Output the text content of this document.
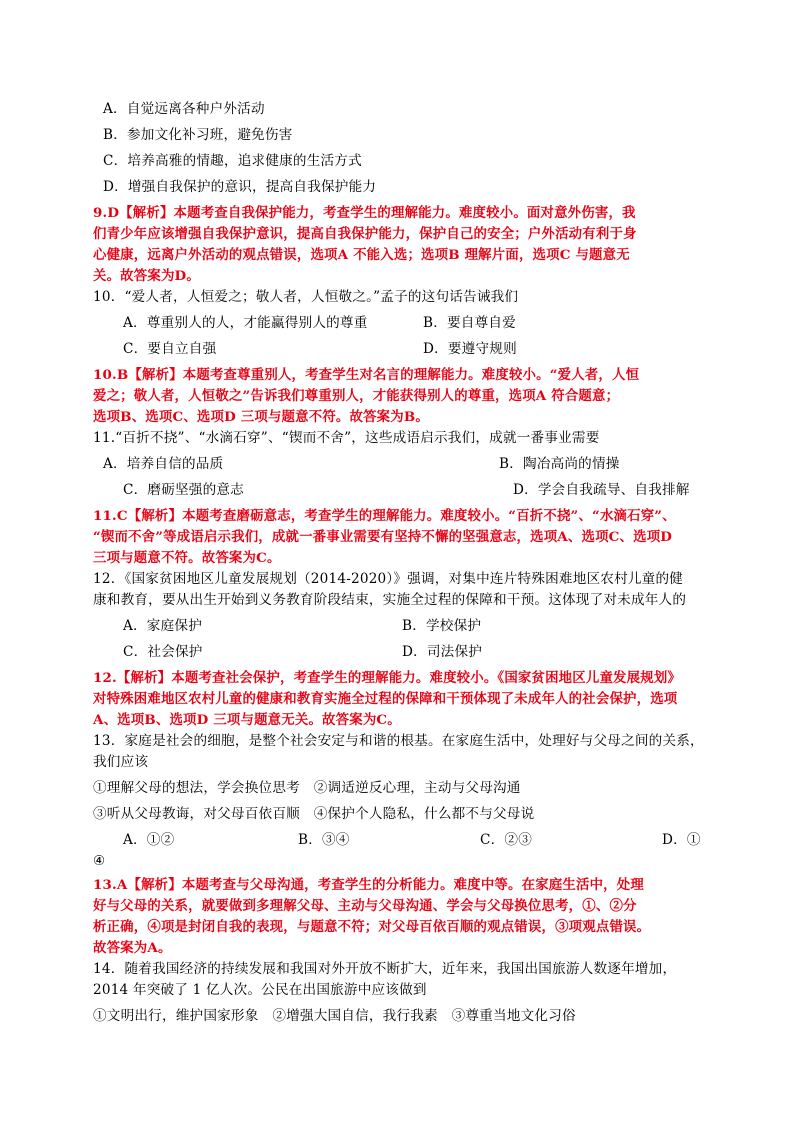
A．自觉远离各种户外活动
B．参加文化补习班，避免伤害
C．培养高雅的情趣，追求健康的生活方式
D．增强自我保护的意识，提高自我保护能力
9.D【解析】本题考查自我保护能力，考查学生的理解能力。难度较小。面对意外伤害，我
们青少年应该增强自我保护意识，提高自我保护能力，保护自己的安全；户外活动有利于身
心健康，远离户外活动的观点错误，选项A 不能入选；选项B 理解片面，选项C 与题意无
关。故答案为D。
10．“爱人者，人恒爱之；敬人者，人恒敬之。”孟子的这句话告诫我们
A．尊重别人的人，才能赢得别人的尊重	B．要自尊自爱
C．要自立自强	D．要遵守规则
10.B【解析】本题考查尊重别人，考查学生对名言的理解能力。难度较小。“爱人者，人恒
爱之；敬人者，人恒敬之”告诉我们尊重别人，才能获得别人的尊重，选项A 符合题意；
选项B、选项C、选项D 三项与题意不符。故答案为B。
11.“百折不挠”、“水滴石穿”、“锲而不舍”，这些成语启示我们，成就一番事业需要
A．培养自信的品质	B．陶冶高尚的情操
C．磨砺坚强的意志	D．学会自我疏导、自我排解
11.C【解析】本题考查磨砺意志，考查学生的理解能力。难度较小。“百折不挠”、“水滴石穿”、
“锲而不舍”等成语启示我们，成就一番事业需要有坚持不懈的坚强意志，选项A、选项C、选项D
三项与题意不符。故答案为C。
12．《国家贫困地区儿童发展规划（2014-2020）》强调，对集中连片特殊困难地区农村儿童的健
康和教育，要从出生开始到义务教育阶段结束，实施全过程的保障和干预。这体现了对未成年人的
A．家庭保护	B．学校保护
C．社会保护	D．司法保护
12.【解析】本题考查社会保护，考查学生的理解能力。难度较小。《国家贫困地区儿童发展规划》
对特殊困难地区农村儿童的健康和教育实施全过程的保障和干预体现了未成年人的社会保护，选项
A、选项B、选项D 三项与题意无关。故答案为C。
13．家庭是社会的细胞，是整个社会安定与和谐的根基。在家庭生活中，处理好与父母之间的关系，
我们应该
①理解父母的想法，学会换位思考　②调适逆反心理，主动与父母沟通
③听从父母教诲，对父母百依百顺　④保护个人隐私，什么都不与父母说
A．①②	B．③④	C．②③	D．①
④
13.A【解析】本题考查与父母沟通，考查学生的分析能力。难度中等。在家庭生活中，处理
好与父母的关系，就要做到多理解父母、主动与父母沟通、学会与父母换位思考，①、②分
析正确，④项是封闭自我的表现，与题意不符；对父母百依百顺的观点错误，③项观点错误。
故答案为A。
14．随着我国经济的持续发展和我国对外开放不断扩大，近年来，我国出国旅游人数逐年增加，
2014 年突破了 1 亿人次。公民在出国旅游中应该做到
①文明出行，维护国家形象　②增强大国自信，我行我素　③尊重当地文化习俗
